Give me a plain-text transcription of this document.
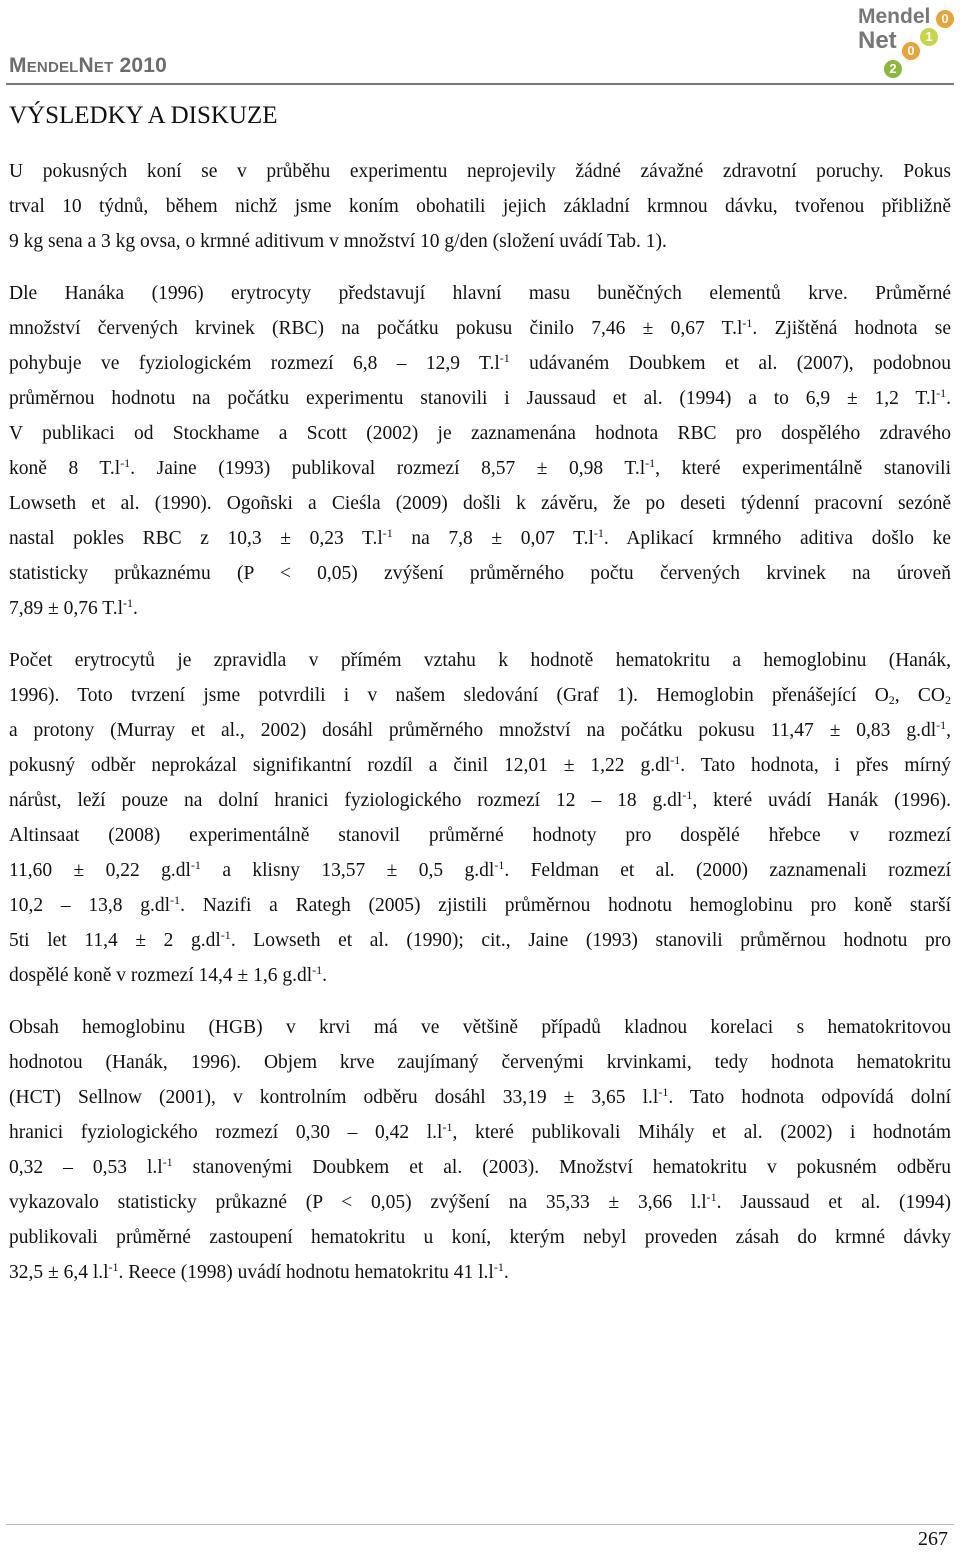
MENDELNET 2010
Mendel
Net
0
1
0
2
VÝSLEDKY A DISKUZE

U pokusných koní se v průběhu experimentu neprojevily žádné závažné zdravotní poruchy. Pokus
trval 10 týdnů, během nichž jsme koním obohatili jejich základní krmnou dávku, tvořenou přibližně
9 kg sena a 3 kg ovsa, o krmné aditivum v množství 10 g/den (složení uvádí Tab. 1).

Dle Hanáka (1996) erytrocyty představují hlavní masu buněčných elementů krve. Průměrné
množství červených krvinek (RBC) na počátku pokusu činilo 7,46 ± 0,67 $T.l^{-1}$. Zjištěná hodnota se
pohybuje ve fyziologickém rozmezí 6,8 – 12,9 $T.l^{-1}$ udávaném Doubkem et al. (2007), podobnou
průměrnou hodnotu na počátku experimentu stanovili i Jaussaud et al. (1994) a to 6,9 ± 1,2 $T.l^{-1}$.
V publikaci od Stockhame a Scott (2002) je zaznamenána hodnota RBC pro dospělého zdravého
koně 8 $T.l^{-1}$. Jaine (1993) publikoval rozmezí 8,57 ± 0,98 $T.l^{-1}$, které experimentálně stanovili
Lowseth et al. (1990). Ogoñski a Cieśla (2009) došli k závěru, že po deseti týdenní pracovní sezóně
nastal pokles RBC z 10,3 ± 0,23 $T.l^{-1}$ na 7,8 ± 0,07 $T.l^{-1}$. Aplikací krmného aditiva došlo ke
statisticky průkaznému (P < 0,05) zvýšení průměrného počtu červených krvinek na úroveň
7,89 ± 0,76 $T.l^{-1}$.

Počet erytrocytů je zpravidla v přímém vztahu k hodnotě hematokritu a hemoglobinu (Hanák,
1996). Toto tvrzení jsme potvrdili i v našem sledování (Graf 1). Hemoglobin přenášející $O_2$, $CO_2$
a protony (Murray et al., 2002) dosáhl průměrného množství na počátku pokusu 11,47 ± 0,83 $g.dl^{-1}$,
pokusný odběr neprokázal signifikantní rozdíl a činil 12,01 ± 1,22 $g.dl^{-1}$. Tato hodnota, i přes mírný
nárůst, leží pouze na dolní hranici fyziologického rozmezí 12 – 18 $g.dl^{-1}$, které uvádí Hanák (1996).
Altinsaat (2008) experimentálně stanovil průměrné hodnoty pro dospělé hřebce v rozmezí
11,60 ± 0,22 $g.dl^{-1}$ a klisny 13,57 ± 0,5 $g.dl^{-1}$. Feldman et al. (2000) zaznamenali rozmezí
10,2 – 13,8 $g.dl^{-1}$. Nazifi a Rategh (2005) zjistili průměrnou hodnotu hemoglobinu pro koně starší
5ti let 11,4 ± 2 $g.dl^{-1}$. Lowseth et al. (1990); cit., Jaine (1993) stanovili průměrnou hodnotu pro
dospělé koně v rozmezí 14,4 ± 1,6 $g.dl^{-1}$.

Obsah hemoglobinu (HGB) v krvi má ve většině případů kladnou korelaci s hematokritovou
hodnotou (Hanák, 1996). Objem krve zaujímaný červenými krvinkami, tedy hodnota hematokritu
(HCT) Sellnow (2001), v kontrolním odběru dosáhl 33,19 ± 3,65 $l.l^{-1}$. Tato hodnota odpovídá dolní
hranici fyziologického rozmezí 0,30 – 0,42 $l.l^{-1}$, které publikovali Mihály et al. (2002) i hodnotám
0,32 – 0,53 $l.l^{-1}$ stanovenými Doubkem et al. (2003). Množství hematokritu v pokusném odběru
vykazovalo statisticky průkazné (P < 0,05) zvýšení na 35,33 ± 3,66 $l.l^{-1}$. Jaussaud et al. (1994)
publikovali průměrné zastoupení hematokritu u koní, kterým nebyl proveden zásah do krmné dávky
32,5 ± 6,4 $l.l^{-1}$. Reece (1998) uvádí hodnotu hematokritu 41 $l.l^{-1}$.

267
